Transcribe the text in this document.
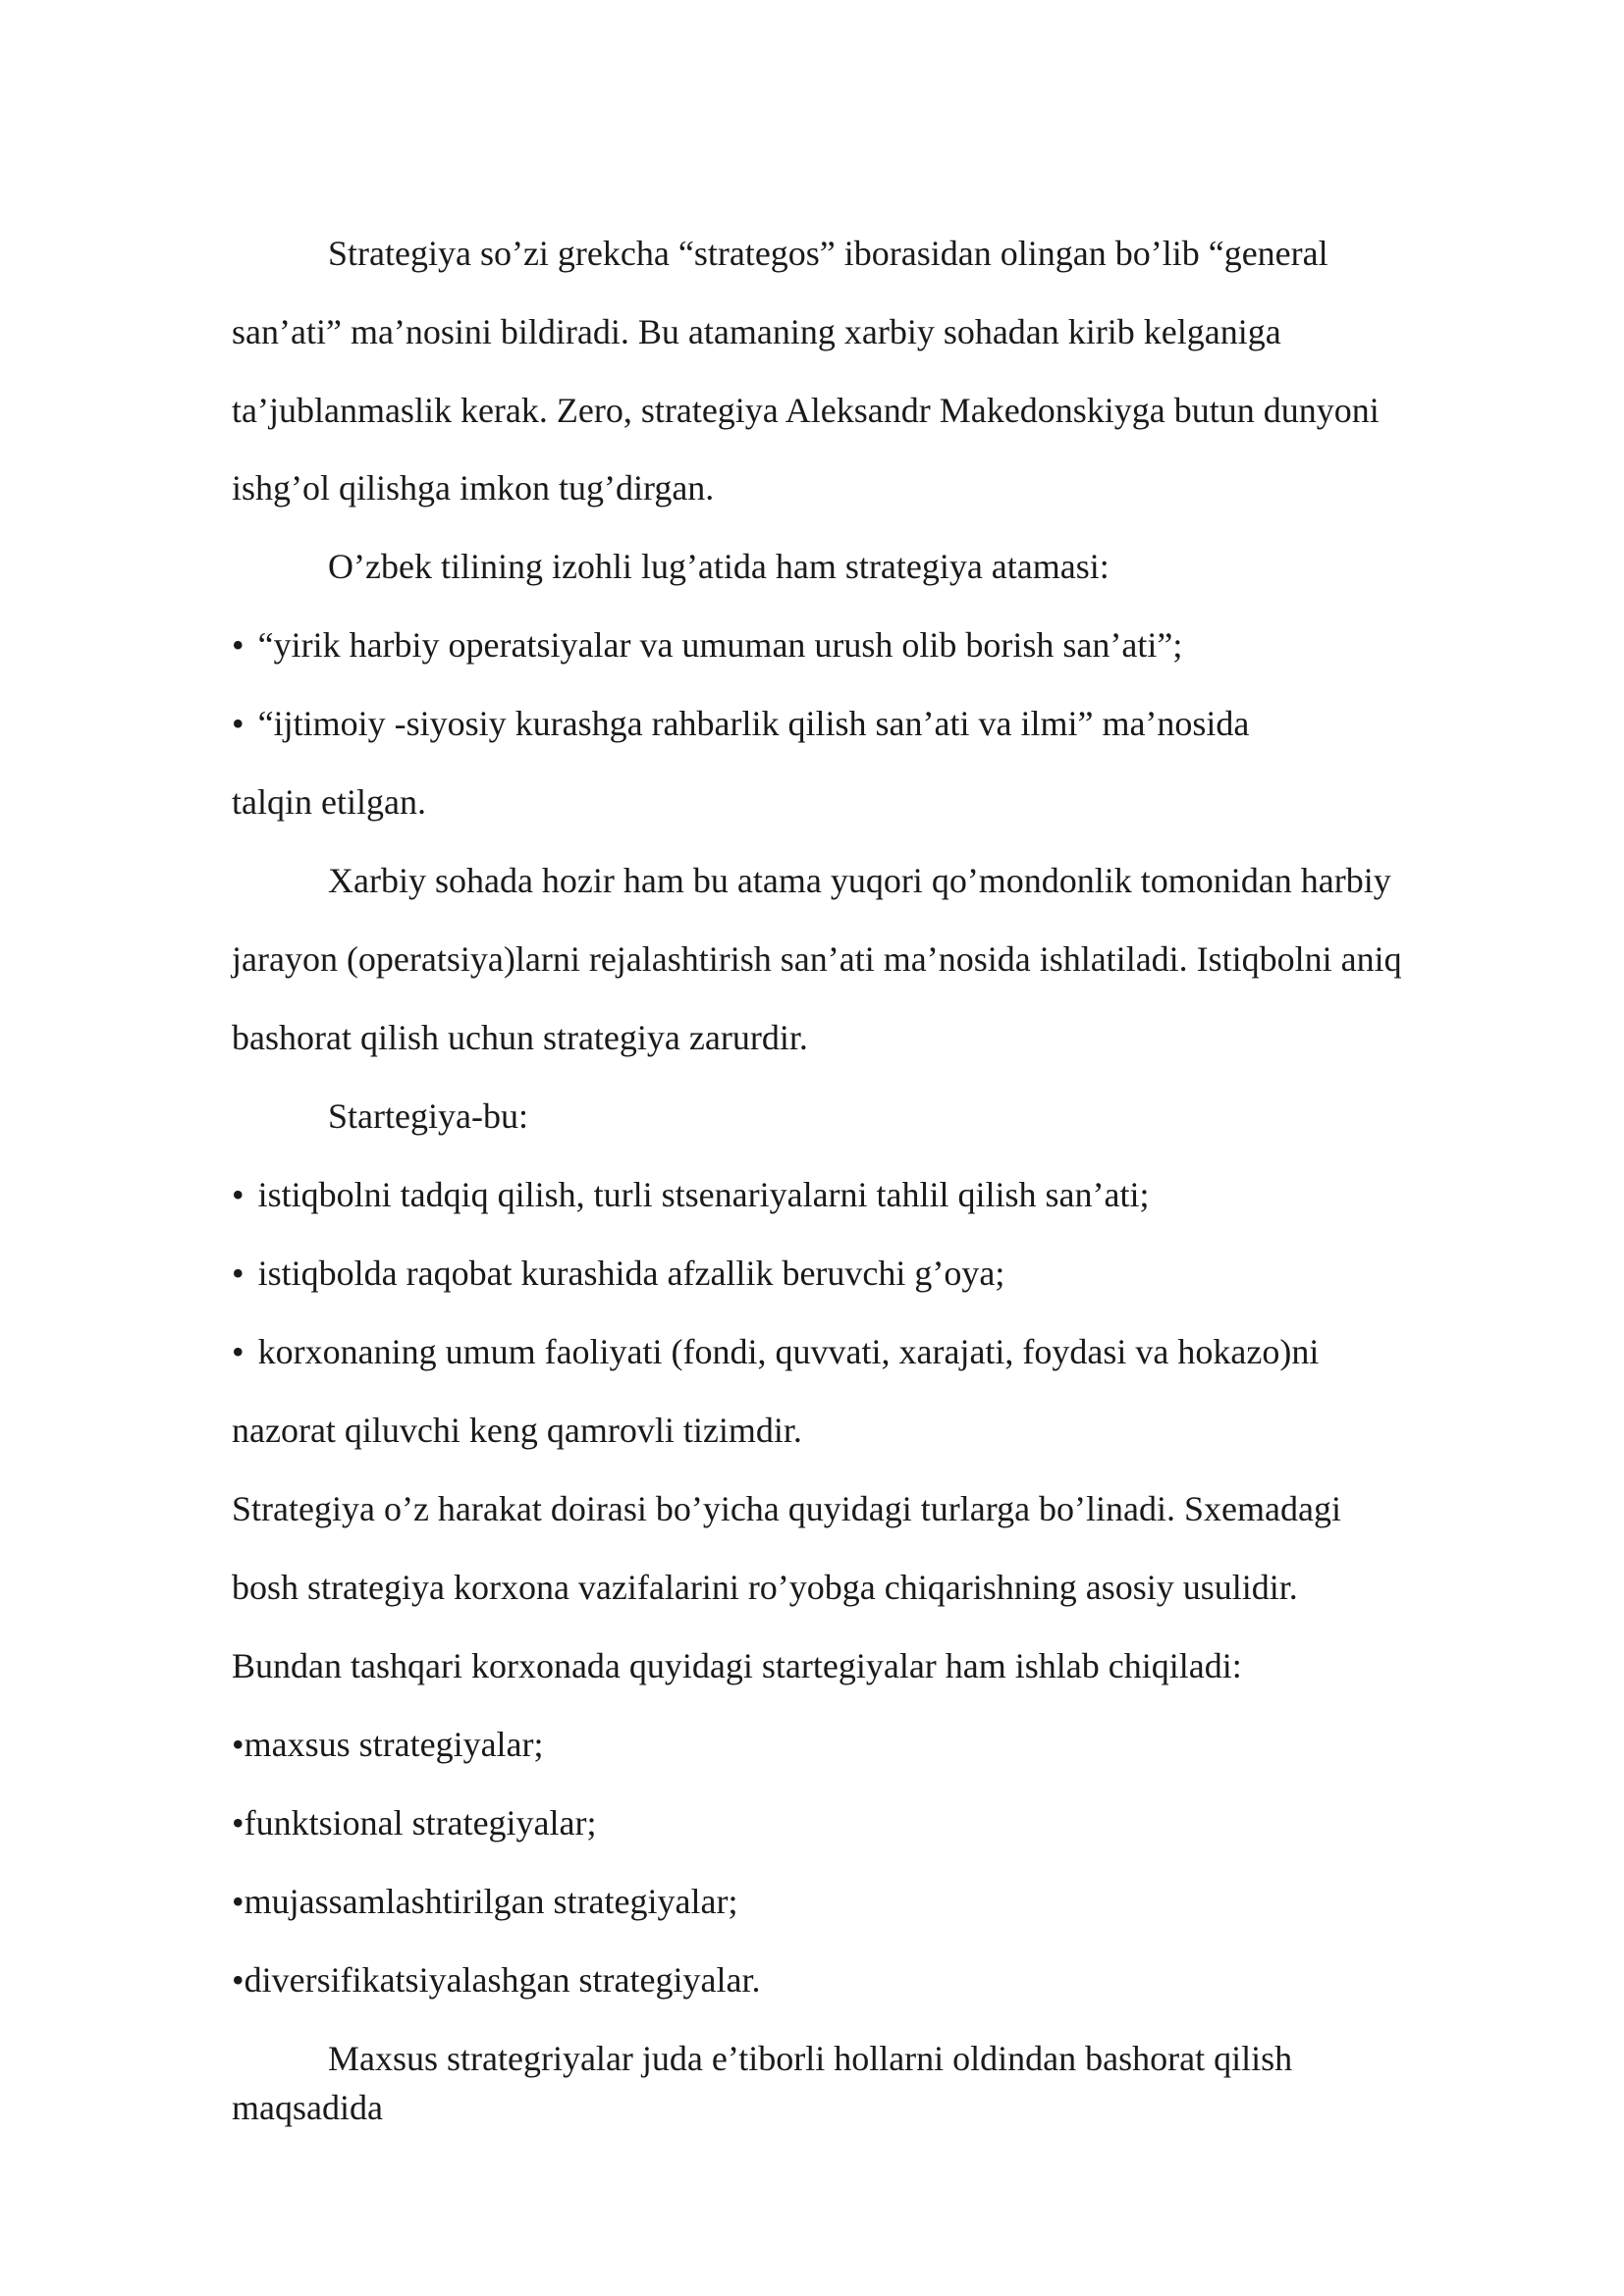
Strategiya so’zi grekcha “strategos” iborasidan olingan bo’lib “general

san’ati” ma’nosini bildiradi. Bu atamaning xarbiy sohadan kirib kelganiga

ta’jublanmaslik kerak. Zero, strategiya Aleksandr Makedonskiyga butun dunyoni

ishg’ol qilishga imkon tug’dirgan.

O’zbek tilining izohli lug’atida ham strategiya atamasi:

• “yirik harbiy operatsiyalar va umuman urush olib borish san’ati”;

• “ijtimoiy -siyosiy kurashga rahbarlik qilish san’ati va ilmi” ma’nosida

talqin etilgan.

Xarbiy sohada hozir ham bu atama yuqori qo’mondonlik tomonidan harbiy

jarayon (operatsiya)larni rejalashtirish san’ati ma’nosida ishlatiladi. Istiqbolni aniq

bashorat qilish uchun strategiya zarurdir.

Startegiya-bu:

• istiqbolni tadqiq qilish, turli stsenariyalarni tahlil qilish san’ati;

• istiqbolda raqobat kurashida afzallik beruvchi g’oya;

• korxonaning umum faoliyati (fondi, quvvati, xarajati, foydasi va hokazo)ni

nazorat qiluvchi keng qamrovli tizimdir.

Strategiya o’z harakat doirasi bo’yicha quyidagi turlarga bo’linadi. Sxemadagi

bosh strategiya korxona vazifalarini ro’yobga chiqarishning asosiy usulidir.

Bundan tashqari korxonada quyidagi startegiyalar ham ishlab chiqiladi:

•maxsus strategiyalar;

•funktsional strategiyalar;

•mujassamlashtirilgan strategiyalar;

•diversifikatsiyalashgan strategiyalar.

Maxsus strategriyalar juda e’tiborli hollarni oldindan bashorat qilish

maqsadida
